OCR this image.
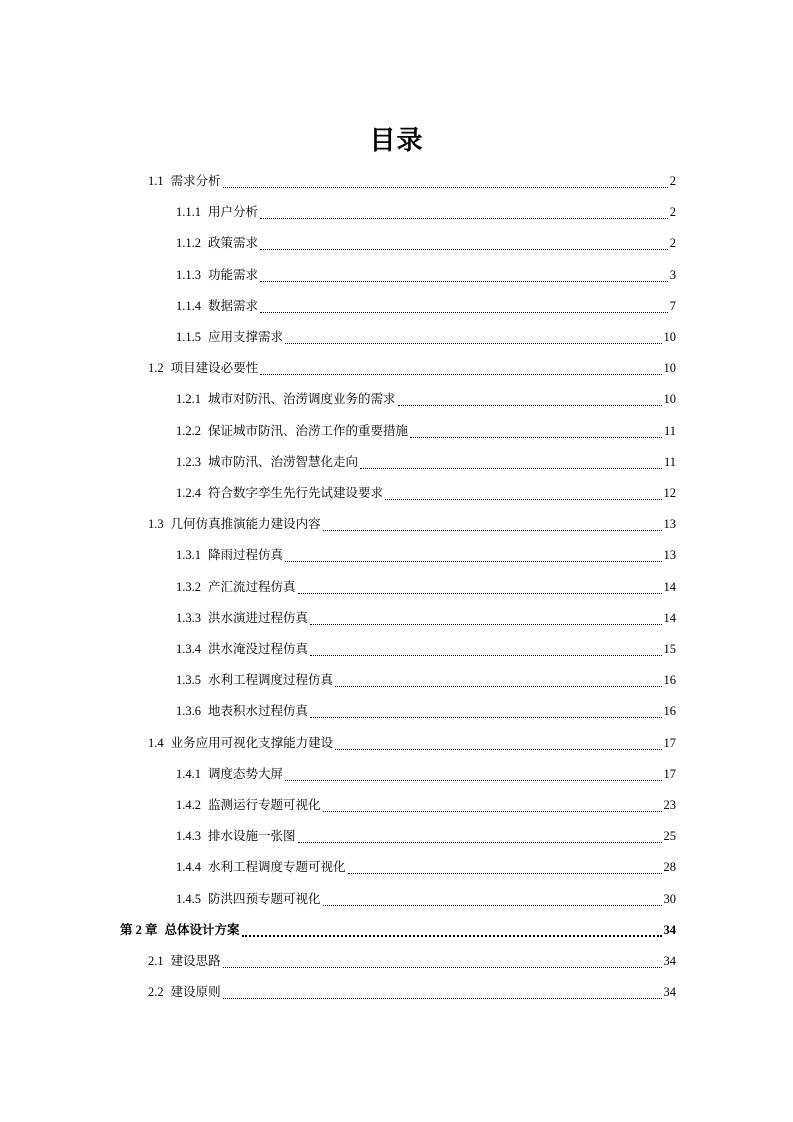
目录
1.1 需求分析	2
1.1.1 用户分析	2
1.1.2 政策需求	2
1.1.3 功能需求	3
1.1.4 数据需求	7
1.1.5 应用支撑需求	10
1.2 项目建设必要性	10
1.2.1 城市对防汛、治涝调度业务的需求	10
1.2.2 保证城市防汛、治涝工作的重要措施	11
1.2.3 城市防汛、治涝智慧化走向	11
1.2.4 符合数字孪生先行先试建设要求	12
1.3 几何仿真推演能力建设内容	13
1.3.1 降雨过程仿真	13
1.3.2 产汇流过程仿真	14
1.3.3 洪水演进过程仿真	14
1.3.4 洪水淹没过程仿真	15
1.3.5 水利工程调度过程仿真	16
1.3.6 地表积水过程仿真	16
1.4 业务应用可视化支撑能力建设	17
1.4.1 调度态势大屏	17
1.4.2 监测运行专题可视化	23
1.4.3 排水设施一张图	25
1.4.4 水利工程调度专题可视化	28
1.4.5 防洪四预专题可视化	30
第 2 章 总体设计方案	34
2.1 建设思路	34
2.2 建设原则	34
